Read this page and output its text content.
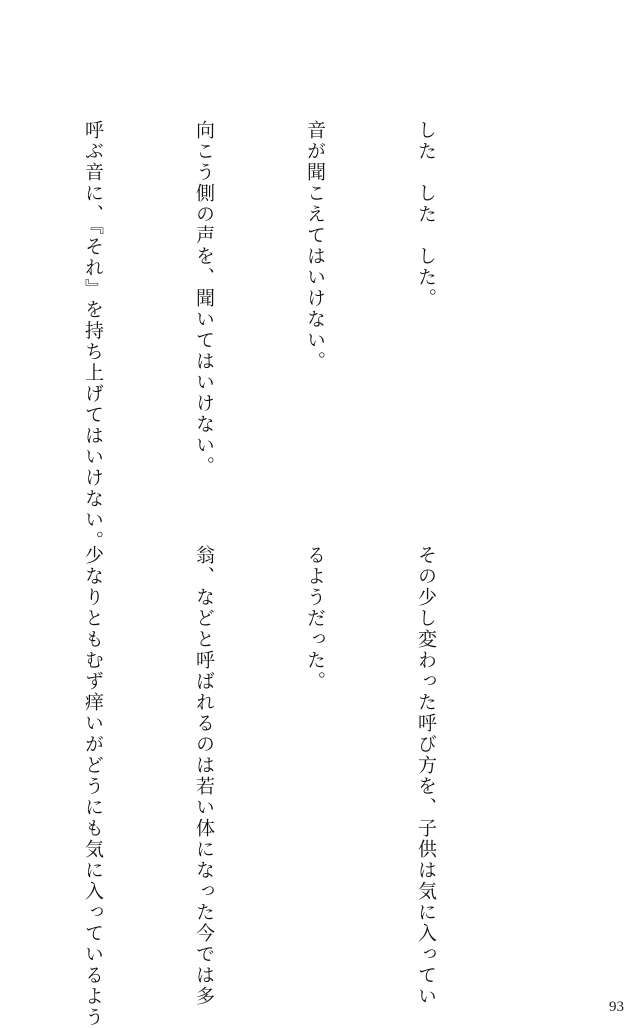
した　した　した。

音が聞こえてはいけない。

向こう側の声を、聞いてはいけない。

呼ぶ音に、『それ』を持ち上げてはいけない。

その少し変わった呼び方を、子供は気に入ってい

るようだった。

翁、などと呼ばれるのは若い体になった今では多

少なりともむず痒いがどうにも気に入っているよう

	93
